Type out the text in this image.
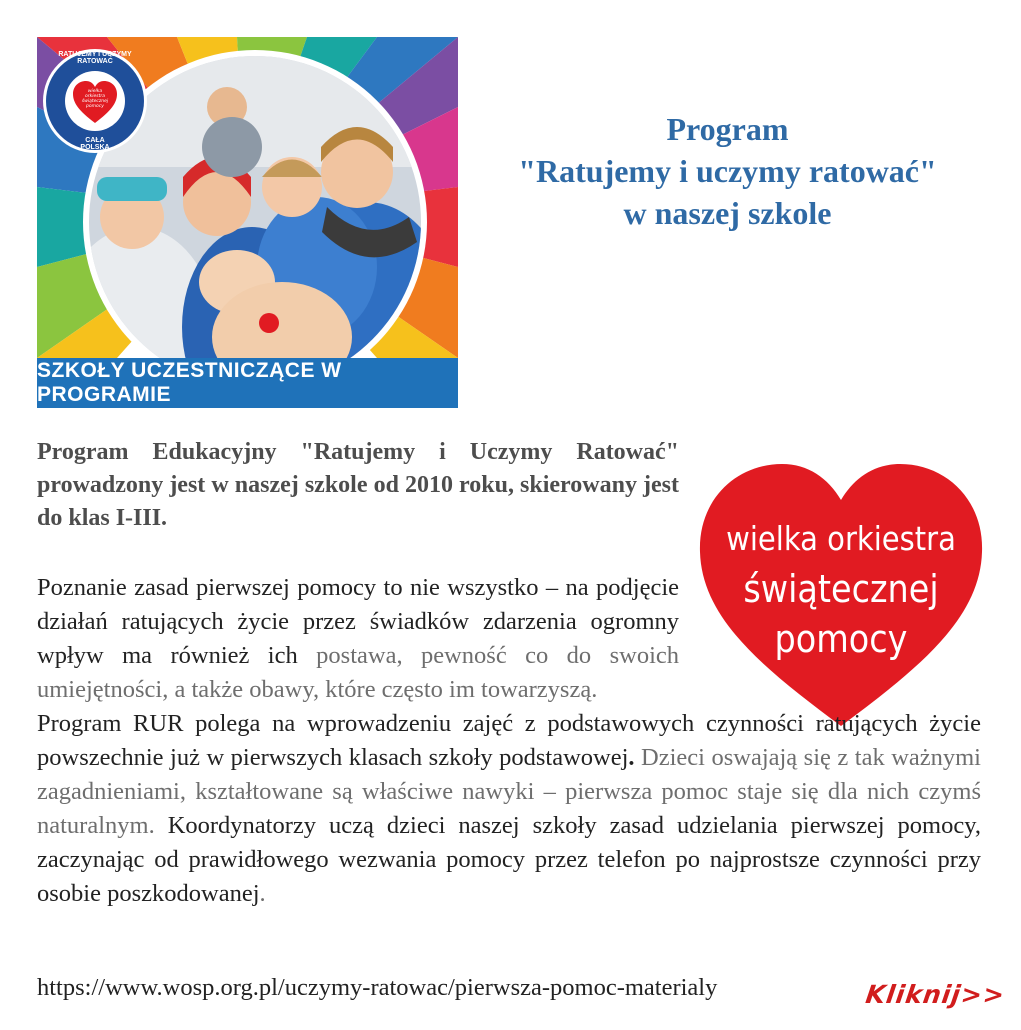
RATUJEMY I UCZYMY RATOWAĆ
CAŁA POLSKA
wielka orkiestra świątecznej pomocy
SZKOŁY UCZESTNICZĄCE W PROGRAMIE
Program
"Ratujemy i uczymy ratować"
w naszej szkole
Program Edukacyjny "Ratujemy i Uczymy Ratować" prowadzony jest w naszej szkole od 2010 roku, skierowany jest do klas I-III.
wielka orkiestra
świątecznej
pomocy
Poznanie zasad pierwszej pomocy to nie wszystko – na podjęcie działań ratujących życie przez świadków zdarzenia ogromny wpływ ma również ich postawa, pewność co do swoich umiejętności, a także obawy, które często im towarzyszą.
Program RUR polega na wprowadzeniu zajęć z podstawowych czynności ratujących życie powszechnie już w pierwszych klasach szkoły podstawowej. Dzieci oswajają się z tak ważnymi zagadnieniami, kształtowane są właściwe nawyki – pierwsza pomoc staje się dla nich czymś naturalnym. Koordynatorzy uczą dzieci naszej szkoły zasad udzielania pierwszej pomocy, zaczynając od prawidłowego wezwania pomocy przez telefon po najprostsze czynności przy osobie poszkodowanej.
https://www.wosp.org.pl/uczymy-ratowac/pierwsza-pomoc-materialy	Kliknij>>
